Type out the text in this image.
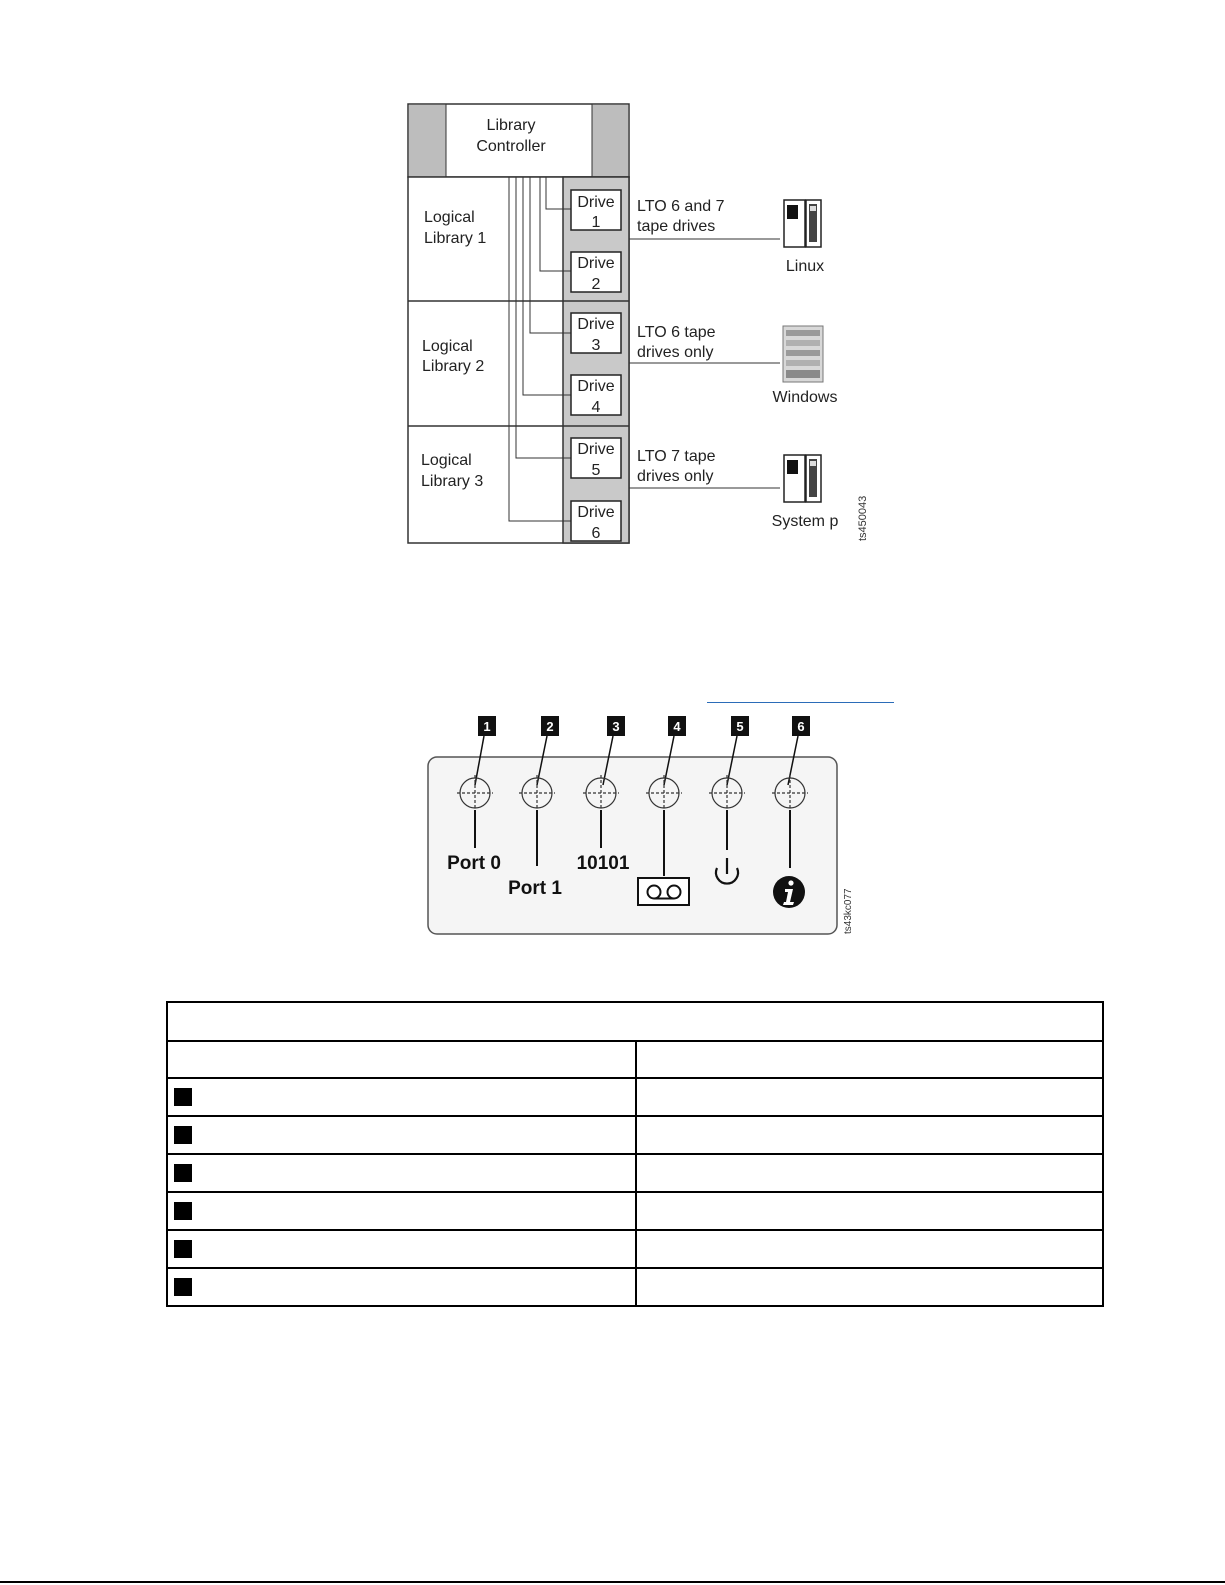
Library
Controller
Logical
Library 1
Logical
Library 2
Logical
Library 3
Drive
1
Drive
2
Drive
3
Drive
4
Drive
5
Drive
6
LTO 6 and 7
tape drives
LTO 6 tape
drives only
LTO 7 tape
drives only
Linux
Windows
System p ts450043
1	2	3	4	5	6
Port 0
Port 1
10101
ts43kc077
